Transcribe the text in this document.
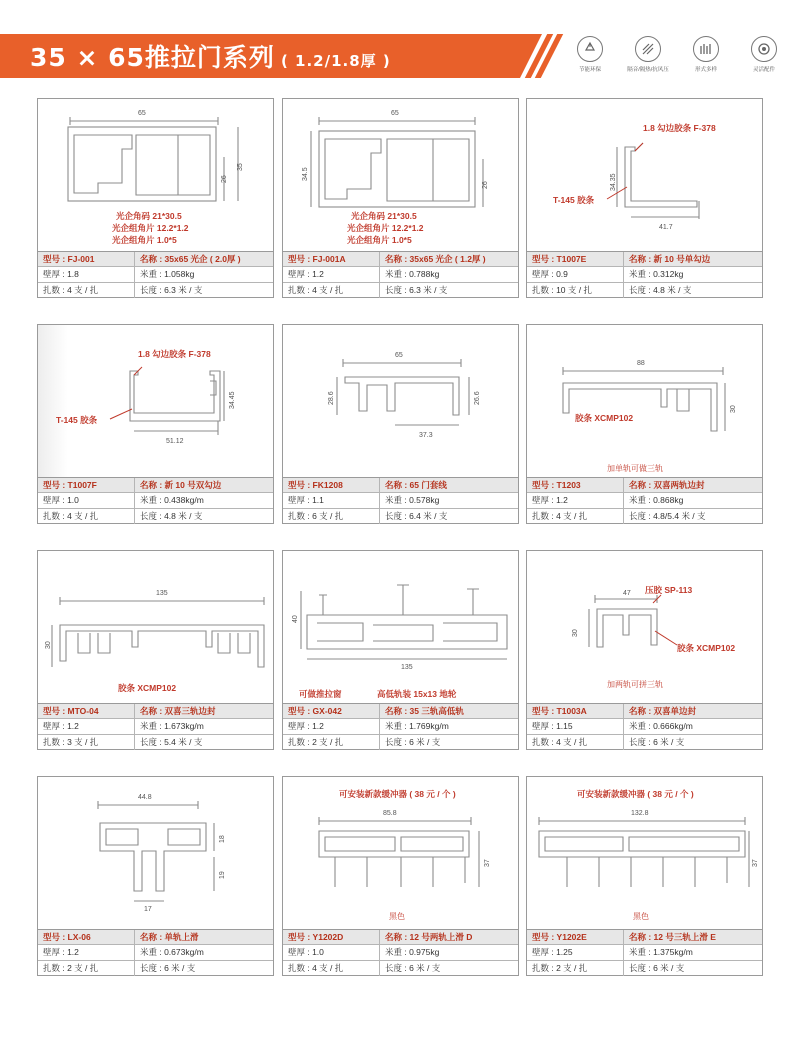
35 × 65推拉门系列 ( 1.2/1.8厚 )	节能环保	隔音/隔热/抗风压	形式多样	灵活配件
65
26
35
光企角码 21*30.5
光企组角片 12.2*1.2
光企组角片 1.0*5
型号 : FJ-001	名称 : 35x65 光企 ( 2.0厚 )
壁厚 : 1.8	米重 : 1.058kg
扎数 : 4 支 / 扎	长度 : 6.3 米 / 支
65
34.5
26
光企角码 21*30.5
光企组角片 12.2*1.2
光企组角片 1.0*5
型号 : FJ-001A	名称 : 35x65 光企 ( 1.2厚 )
壁厚 : 1.2	米重 : 0.788kg
扎数 : 4 支 / 扎	长度 : 6.3 米 / 支
1.8 勾边胶条 F-378
T-145 胶条
34.35
41.7
型号 : T1007E	名称 : 新 10 号单勾边
壁厚 : 0.9	米重 : 0.312kg
扎数 : 10 支 / 扎	长度 : 4.8 米 / 支
1.8 勾边胶条 F-378
T-145 胶条
34.45
51.12
型号 : T1007F	名称 : 新 10 号双勾边
壁厚 : 1.0	米重 : 0.438kg/m
扎数 : 4 支 / 扎	长度 : 4.8 米 / 支
65
28.6	26.6
37.3
型号 : FK1208	名称 : 65 门套线
壁厚 : 1.1	米重 : 0.578kg
扎数 : 6 支 / 扎	长度 : 6.4 米 / 支
88
30
胶条 XCMP102
加单轨可做三轨
型号 : T1203	名称 : 双喜两轨边封
壁厚 : 1.2	米重 : 0.868kg
扎数 : 4 支 / 扎	长度 : 4.8/5.4 米 / 支
135
30
胶条 XCMP102
型号 : MTO-04	名称 : 双喜三轨边封
壁厚 : 1.2	米重 : 1.673kg/m
扎数 : 3 支 / 扎	长度 : 5.4 米 / 支
40
135
可做推拉窗	高低轨装 15x13 地轮
型号 : GX-042	名称 : 35 三轨高低轨
壁厚 : 1.2	米重 : 1.769kg/m
扎数 : 2 支 / 扎	长度 : 6 米 / 支
47
30
压胶 SP-113
胶条 XCMP102
加两轨可拼三轨
型号 : T1003A	名称 : 双喜单边封
壁厚 : 1.15	米重 : 0.666kg/m
扎数 : 4 支 / 扎	长度 : 6 米 / 支
44.8
18
19
17
型号 : LX-06	名称 : 单轨上滑
壁厚 : 1.2	米重 : 0.673kg/m
扎数 : 2 支 / 扎	长度 : 6 米 / 支
可安装新款缓冲器 ( 38 元 / 个 )
85.8
37
黑色
型号 : Y1202D	名称 : 12 号两轨上滑 D
壁厚 : 1.0	米重 : 0.975kg
扎数 : 4 支 / 扎	长度 : 6 米 / 支
可安装新款缓冲器 ( 38 元 / 个 )
132.8
37
黑色
型号 : Y1202E	名称 : 12 号三轨上滑 E
壁厚 : 1.25	米重 : 1.375kg/m
扎数 : 2 支 / 扎	长度 : 6 米 / 支
